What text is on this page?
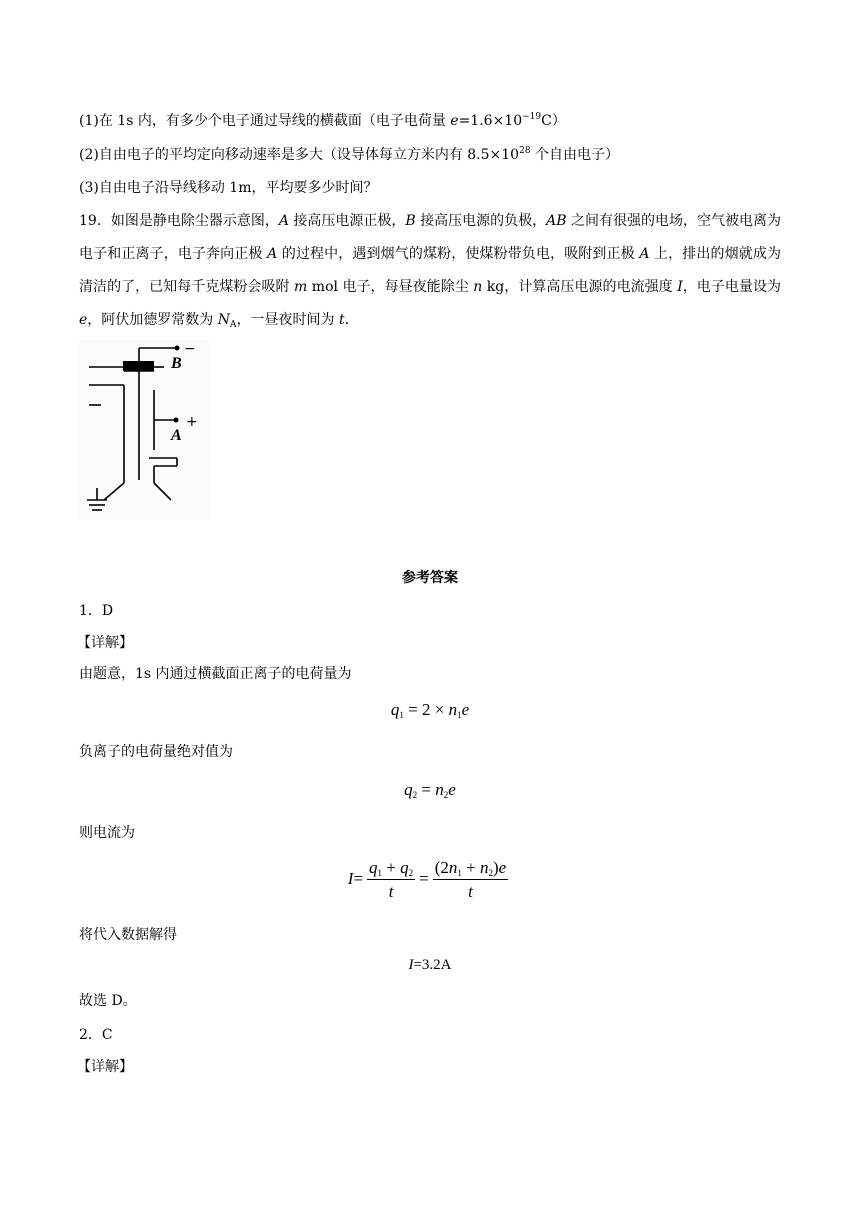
(1)在 1s 内，有多少个电子通过导线的横截面（电子电荷量 $e=1.6\times 10^{-19}C$）
(2)自由电子的平均定向移动速率是多大（设导体每立方米内有 $8.5\times 10^{28}$ 个自由电子）
(3)自由电子沿导线移动 1m，平均要多少时间？
19．如图是静电除尘器示意图，A 接高压电源正极，B 接高压电源的负极，AB 之间有很强的电场，空气被电离为电子和正离子，电子奔向正极 A 的过程中，遇到烟气的煤粉，使煤粉带负电，吸附到正极 A 上，排出的烟就成为清洁的了，已知每千克煤粉会吸附 m mol 电子，每昼夜能除尘 n kg，计算高压电源的电流强度 I，电子电量设为 e，阿伏加德罗常数为 $N_A$，一昼夜时间为 t.
B
A
−
+
参考答案
1．D
【详解】
由题意，1s 内通过横截面正离子的电荷量为
$q_1 = 2 \times n_1e$
负离子的电荷量绝对值为
$q_2 = n_2e$
则电流为
$I= \frac{q_1 + q_2}{t} = \frac{(2n_1 + n_2)e}{t}$
将代入数据解得
I=3.2A
故选 D。
2．C
【详解】
